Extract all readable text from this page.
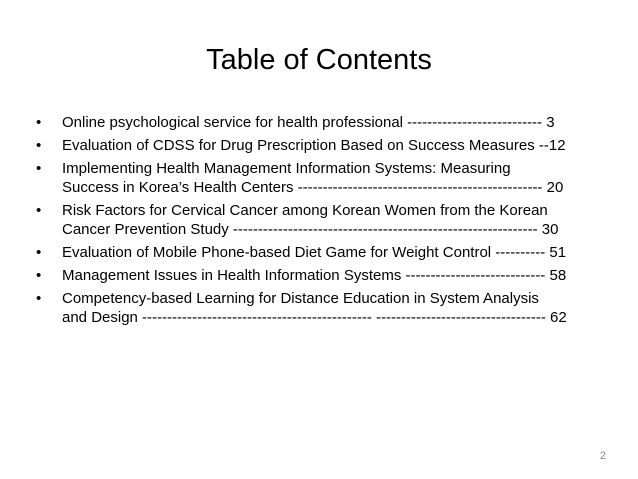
Table of Contents
• Online psychological service for health professional --------------------------- 3
• Evaluation of CDSS for Drug Prescription Based on Success Measures --12
• Implementing Health Management Information Systems: Measuring
Success in Korea’s Health Centers ------------------------------------------------- 20
• Risk Factors for Cervical Cancer among Korean Women from the Korean
Cancer Prevention Study ------------------------------------------------------------- 30
• Evaluation of Mobile Phone-based Diet Game for Weight Control ---------- 51
• Management Issues in Health Information Systems ---------------------------- 58
• Competency-based Learning for Distance Education in System Analysis
and Design ---------------------------------------------- ---------------------------------- 62
2
